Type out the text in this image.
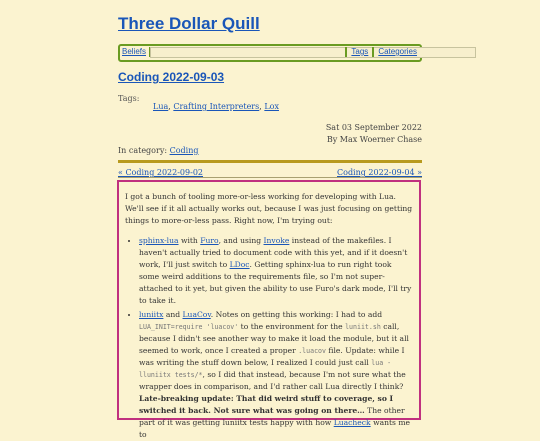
Three Dollar Quill
Beliefs	Tags Categories
Coding 2022-09-03
Tags:
Lua, Crafting Interpreters, Lox
Sat 03 September 2022
By Max Woerner Chase
In category: Coding
« Coding 2022-09-02	Coding 2022-09-04 »

I got a bunch of tooling more-or-less working for developing with Lua. We'll see if it all actually works out, because I was just focusing on getting things to more-or-less pass. Right now, I'm trying out:

• sphinx-lua with Furo, and using Invoke instead of the makefiles. I haven't actually tried to document code with this yet, and if it doesn't work, I'll just switch to LDoc. Getting sphinx-lua to run right took some weird additions to the requirements file, so I'm not super-attached to it yet, but given the ability to use Furo's dark mode, I'll try to take it.
• luniitx and LuaCov. Notes on getting this working: I had to add LUA_INIT=require 'luacov' to the environment for the luniit.sh call, because I didn't see another way to make it load the module, but it all seemed to work, once I created a proper .luacov file. Update: while I was writing the stuff down below, I realized I could just call lua -lluniitx tests/*, so I did that instead, because I'm not sure what the wrapper does in comparison, and I'd rather call Lua directly I think? Late-breaking update: That did weird stuff to coverage, so I switched it back. Not sure what was going on there… The other part of it was getting luniitx tests happy with how Luacheck wants me to
